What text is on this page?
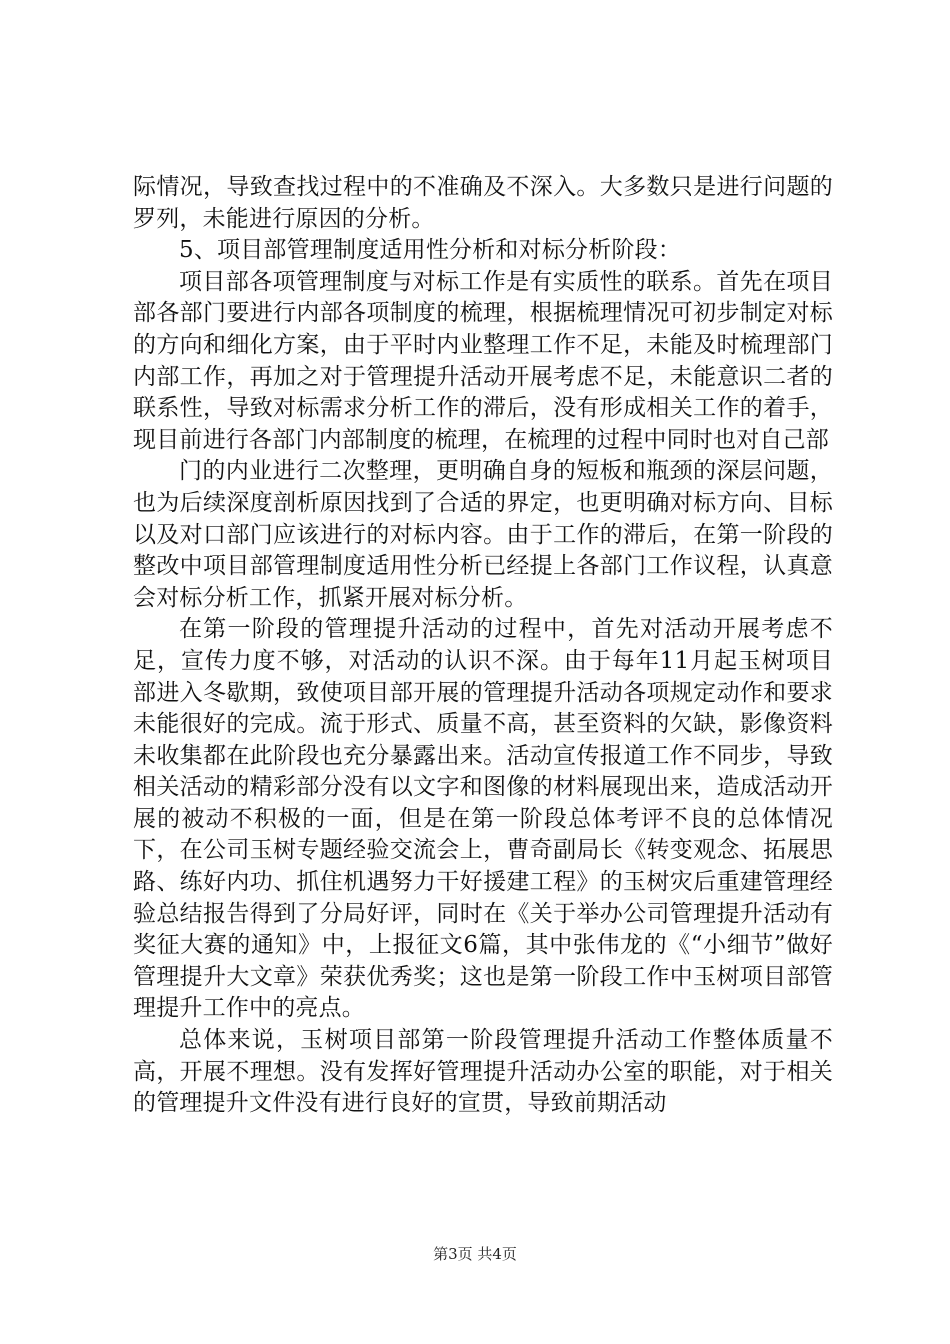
际情况，导致查找过程中的不准确及不深入。大多数只是进行问题的罗列，未能进行原因的分析。

5、项目部管理制度适用性分析和对标分析阶段：

项目部各项管理制度与对标工作是有实质性的联系。首先在项目部各部门要进行内部各项制度的梳理，根据梳理情况可初步制定对标的方向和细化方案，由于平时内业整理工作不足，未能及时梳理部门内部工作，再加之对于管理提升活动开展考虑不足，未能意识二者的联系性，导致对标需求分析工作的滞后，没有形成相关工作的着手，现目前进行各部门内部制度的梳理，在梳理的过程中同时也对自己部

门的内业进行二次整理，更明确自身的短板和瓶颈的深层问题，也为后续深度剖析原因找到了合适的界定，也更明确对标方向、目标以及对口部门应该进行的对标内容。由于工作的滞后，在第一阶段的整改中项目部管理制度适用性分析已经提上各部门工作议程，认真意会对标分析工作，抓紧开展对标分析。

在第一阶段的管理提升活动的过程中，首先对活动开展考虑不足，宣传力度不够，对活动的认识不深。由于每年11月起玉树项目部进入冬歇期，致使项目部开展的管理提升活动各项规定动作和要求未能很好的完成。流于形式、质量不高，甚至资料的欠缺，影像资料未收集都在此阶段也充分暴露出来。活动宣传报道工作不同步，导致相关活动的精彩部分没有以文字和图像的材料展现出来，造成活动开展的被动不积极的一面，但是在第一阶段总体考评不良的总体情况下，在公司玉树专题经验交流会上，曹奇副局长《转变观念、拓展思路、练好内功、抓住机遇努力干好援建工程》的玉树灾后重建管理经验总结报告得到了分局好评，同时在《关于举办公司管理提升活动有奖征大赛的通知》中，上报征文6篇，其中张伟龙的《“小细节”做好管理提升大文章》荣获优秀奖；这也是第一阶段工作中玉树项目部管理提升工作中的亮点。

总体来说，玉树项目部第一阶段管理提升活动工作整体质量不高，开展不理想。没有发挥好管理提升活动办公室的职能，对于相关的管理提升文件没有进行良好的宣贯，导致前期活动

第3页 共4页
